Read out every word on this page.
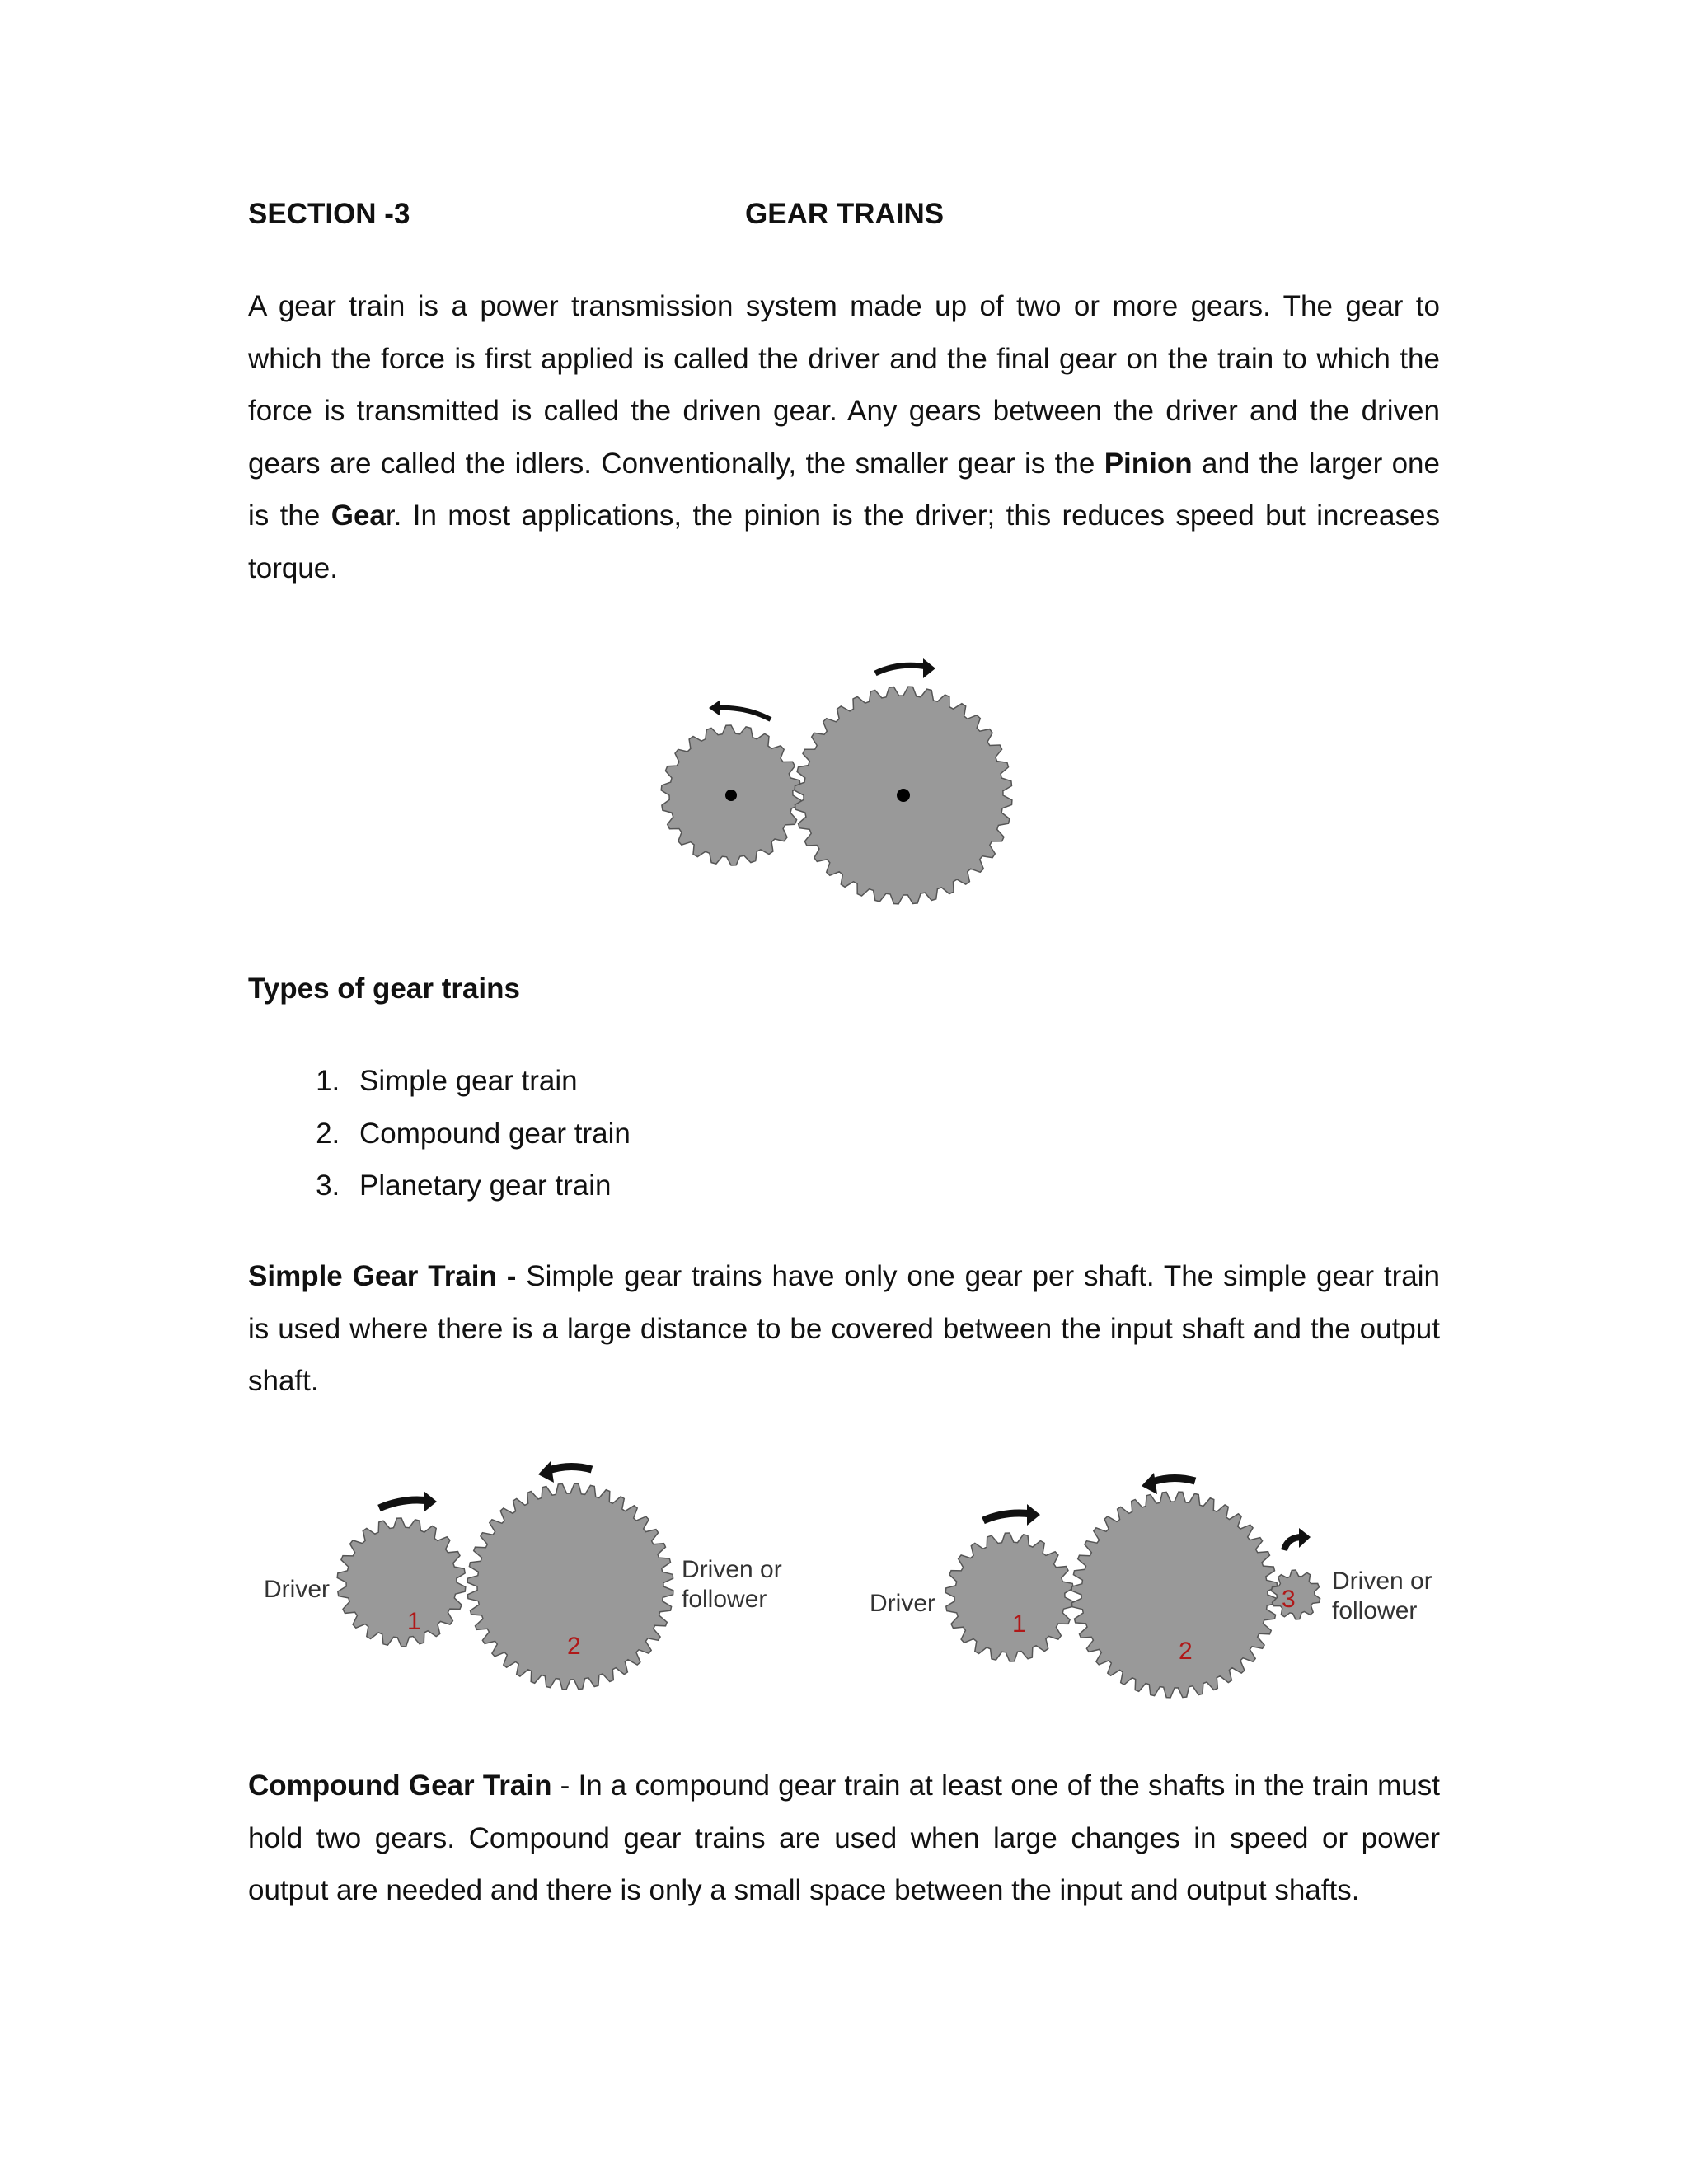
SECTION -3	GEAR TRAINS

A gear train is a power transmission system made up of two or more gears. The gear to which the force is first applied is called the driver and the final gear on the train to which the force is transmitted is called the driven gear. Any gears between the driver and the driven gears are called the idlers. Conventionally, the smaller gear is the Pinion and the larger one is the Gear. In most applications, the pinion is the driver; this reduces speed but increases torque.

Types of gear trains
1. Simple gear train
2. Compound gear train
3. Planetary gear train

Simple Gear Train - Simple gear trains have only one gear per shaft. The simple gear train is used where there is a large distance to be covered between the input shaft and the output shaft.

Driver
Driven or
follower
1
2
Driver
Driven or
follower
1
2
3

Compound Gear Train - In a compound gear train at least one of the shafts in the train must hold two gears. Compound gear trains are used when large changes in speed or power output are needed and there is only a small space between the input and output shafts.
